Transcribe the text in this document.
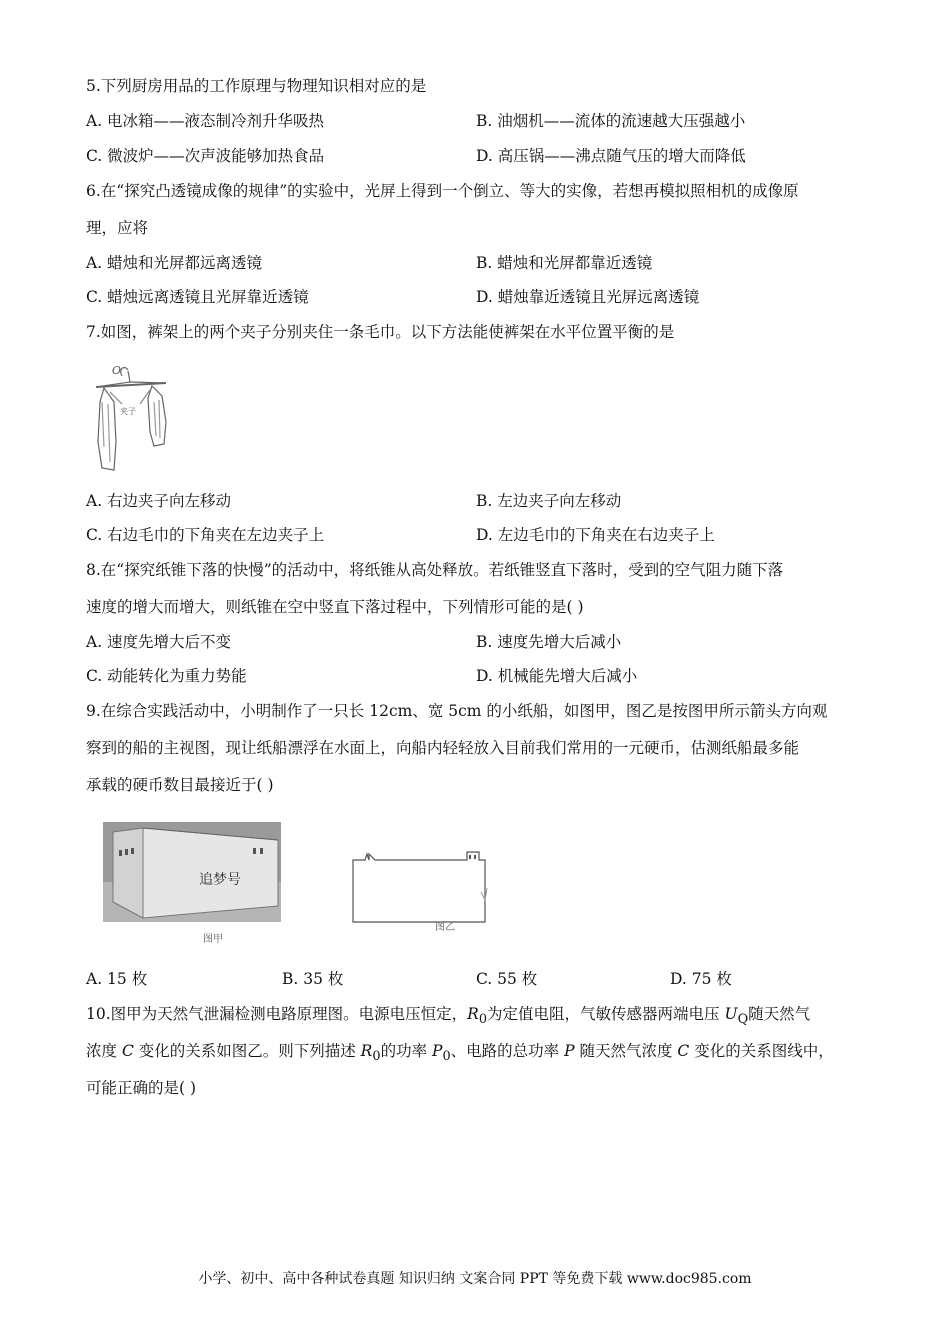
5.下列厨房用品的工作原理与物理知识相对应的是
A. 电冰箱——液态制冷剂升华吸热	B. 油烟机——流体的流速越大压强越小
C. 微波炉——次声波能够加热食品	D. 高压锅——沸点随气压的增大而降低
6.在“探究凸透镜成像的规律”的实验中，光屏上得到一个倒立、等大的实像，若想再模拟照相机的成像原
理，应将
A. 蜡烛和光屏都远离透镜	B. 蜡烛和光屏都靠近透镜
C. 蜡烛远离透镜且光屏靠近透镜	D. 蜡烛靠近透镜且光屏远离透镜
7.如图，裤架上的两个夹子分别夹住一条毛巾。以下方法能使裤架在水平位置平衡的是
O
夹子
A. 右边夹子向左移动	B. 左边夹子向左移动
C. 右边毛巾的下角夹在左边夹子上	D. 左边毛巾的下角夹在右边夹子上
8.在“探究纸锥下落的快慢”的活动中，将纸锥从高处释放。若纸锥竖直下落时，受到的空气阻力随下落
速度的增大而增大，则纸锥在空中竖直下落过程中，下列情形可能的是( )
A. 速度先增大后不变	B. 速度先增大后减小
C. 动能转化为重力势能	D. 机械能先增大后减小
9.在综合实践活动中，小明制作了一只长 12cm、宽 5cm 的小纸船，如图甲，图乙是按图甲所示箭头方向观
察到的船的主视图，现让纸船漂浮在水面上，向船内轻轻放入目前我们常用的一元硬币，估测纸船最多能
承载的硬币数目最接近于( )
追梦号
图甲
图乙
A. 15 枚	B. 35 枚	C. 55 枚	D. 75 枚
10.图甲为天然气泄漏检测电路原理图。电源电压恒定，$R_0$为定值电阻，气敏传感器两端电压 $U_Q$随天然气
浓度 C 变化的关系如图乙。则下列描述 $R_0$的功率 $P_0$、电路的总功率 P 随天然气浓度 C 变化的关系图线中，
可能正确的是( )
小学、初中、高中各种试卷真题 知识归纳 文案合同 PPT 等免费下载 www.doc985.com
